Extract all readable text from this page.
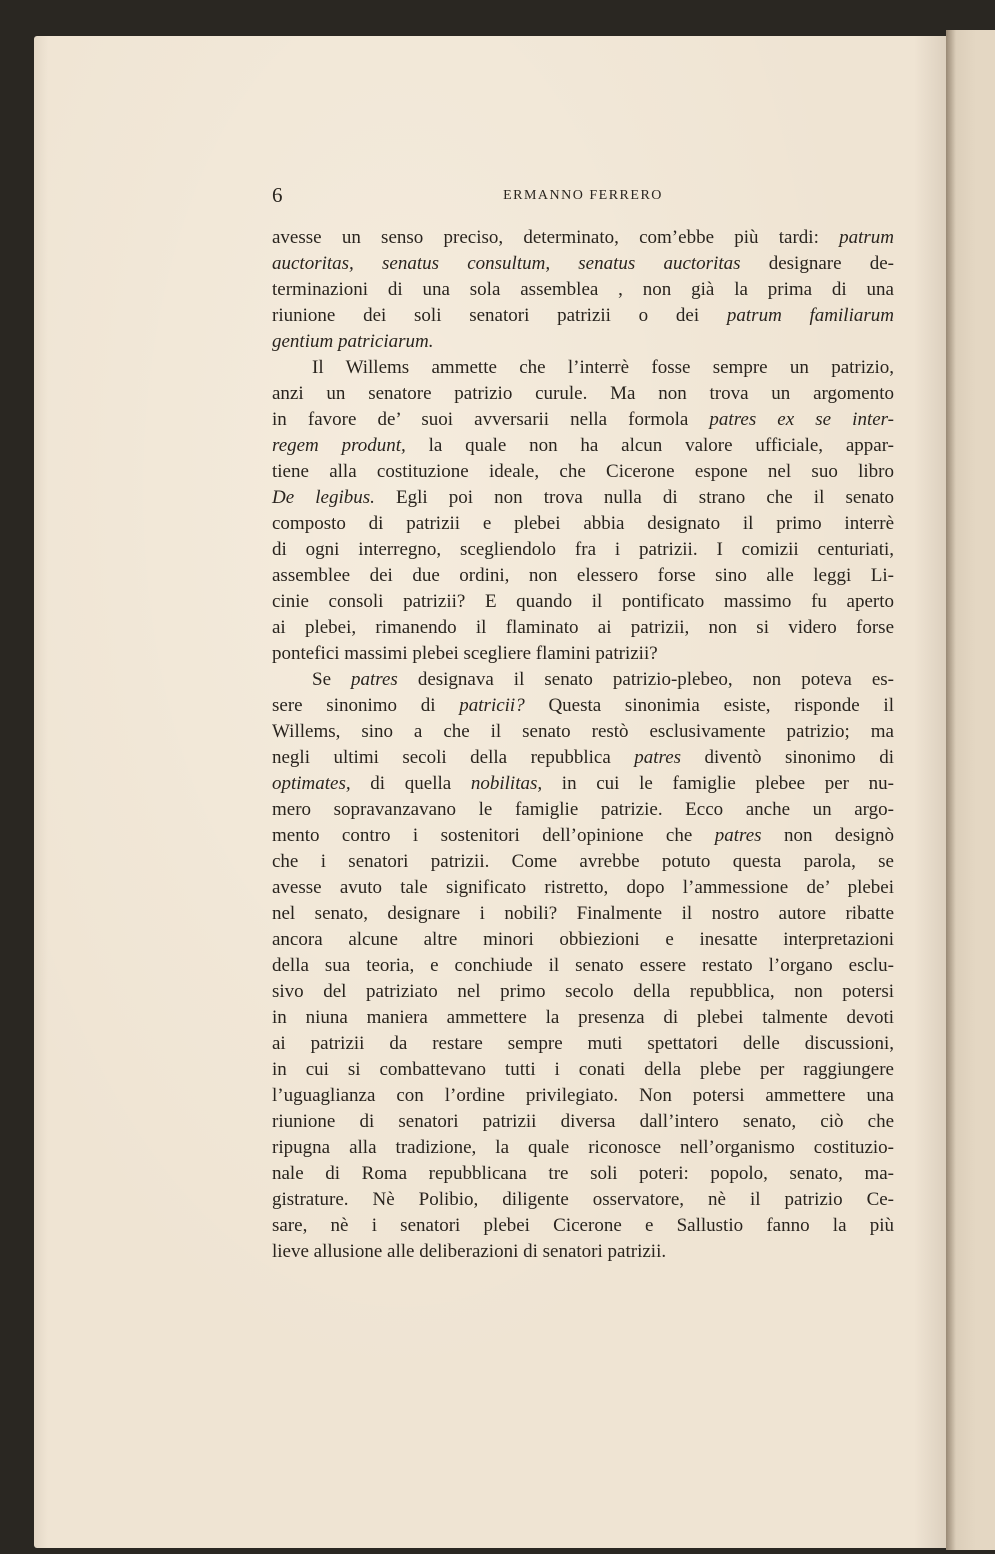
6	ERMANNO FERRERO
avesse un senso preciso, determinato, com’ebbe più tardi: patrum
auctoritas, senatus consultum, senatus auctoritas designare de-
terminazioni di una sola assemblea , non già la prima di una
riunione dei soli senatori patrizii o dei patrum familiarum
gentium patriciarum.
Il Willems ammette che l’interrè fosse sempre un patrizio,
anzi un senatore patrizio curule. Ma non trova un argomento
in favore de’ suoi avversarii nella formola patres ex se inter-
regem produnt, la quale non ha alcun valore ufficiale, appar-
tiene alla costituzione ideale, che Cicerone espone nel suo libro
De legibus. Egli poi non trova nulla di strano che il senato
composto di patrizii e plebei abbia designato il primo interrè
di ogni interregno, scegliendolo fra i patrizii. I comizii centuriati,
assemblee dei due ordini, non elessero forse sino alle leggi Li-
cinie consoli patrizii? E quando il pontificato massimo fu aperto
ai plebei, rimanendo il flaminato ai patrizii, non si videro forse
pontefici massimi plebei scegliere flamini patrizii?
Se patres designava il senato patrizio-plebeo, non poteva es-
sere sinonimo di patricii? Questa sinonimia esiste, risponde il
Willems, sino a che il senato restò esclusivamente patrizio; ma
negli ultimi secoli della repubblica patres diventò sinonimo di
optimates, di quella nobilitas, in cui le famiglie plebee per nu-
mero sopravanzavano le famiglie patrizie. Ecco anche un argo-
mento contro i sostenitori dell’opinione che patres non designò
che i senatori patrizii. Come avrebbe potuto questa parola, se
avesse avuto tale significato ristretto, dopo l’ammessione de’ plebei
nel senato, designare i nobili? Finalmente il nostro autore ribatte
ancora alcune altre minori obbiezioni e inesatte interpretazioni
della sua teoria, e conchiude il senato essere restato l’organo esclu-
sivo del patriziato nel primo secolo della repubblica, non potersi
in niuna maniera ammettere la presenza di plebei talmente devoti
ai patrizii da restare sempre muti spettatori delle discussioni,
in cui si combattevano tutti i conati della plebe per raggiungere
l’uguaglianza con l’ordine privilegiato. Non potersi ammettere una
riunione di senatori patrizii diversa dall’intero senato, ciò che
ripugna alla tradizione, la quale riconosce nell’organismo costituzio-
nale di Roma repubblicana tre soli poteri: popolo, senato, ma-
gistrature. Nè Polibio, diligente osservatore, nè il patrizio Ce-
sare, nè i senatori plebei Cicerone e Sallustio fanno la più
lieve allusione alle deliberazioni di senatori patrizii.
